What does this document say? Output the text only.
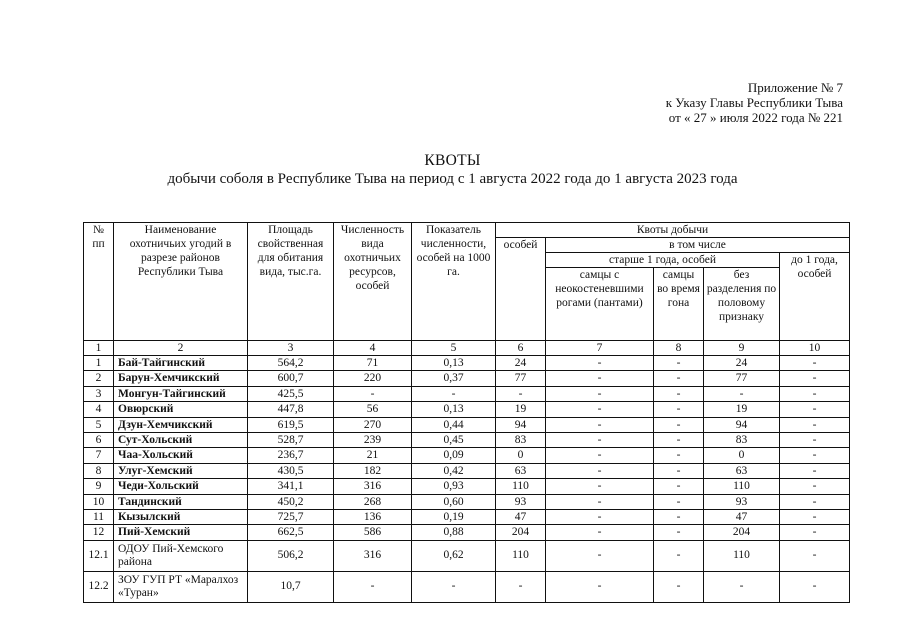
Приложение № 7
к Указу Главы Республики Тыва
от « 27 » июля 2022 года № 221
КВОТЫ
добычи соболя в Республике Тыва на период с 1 августа 2022 года до 1 августа 2023 года
№ пп	Наименование охотничьих угодий в разрезе районов Республики Тыва	Площадь свойственная для обитания вида, тыс.га.	Численность вида охотничьих ресурсов, особей	Показатель численности, особей на 1000 га.	Квоты добычи				
					особей	в том числе			
						старше 1 года, особей			до 1 года, особей
						самцы с неокостеневшими рогами (пантами)	самцы во время гона	без разделения по половому признаку	
1	2	3	4	5	6	7	8	9	10
1	Бай-Тайгинский	564,2	71	0,13	24	-	-	24	-
2	Барун-Хемчикский	600,7	220	0,37	77	-	-	77	-
3	Монгун-Тайгинский	425,5	-	-	-	-	-	-	-
4	Овюрский	447,8	56	0,13	19	-	-	19	-
5	Дзун-Хемчикский	619,5	270	0,44	94	-	-	94	-
6	Сут-Хольский	528,7	239	0,45	83	-	-	83	-
7	Чаа-Хольский	236,7	21	0,09	0	-	-	0	-
8	Улуг-Хемский	430,5	182	0,42	63	-	-	63	-
9	Чеди-Хольский	341,1	316	0,93	110	-	-	110	-
10	Тандинский	450,2	268	0,60	93	-	-	93	-
11	Кызылский	725,7	136	0,19	47	-	-	47	-
12	Пий-Хемский	662,5	586	0,88	204	-	-	204	-
12.1	ОДОУ Пий-Хемского района	506,2	316	0,62	110	-	-	110	-
12.2	ЗОУ ГУП РТ «Маралхоз «Туран»	10,7	-	-	-	-	-	-	-
